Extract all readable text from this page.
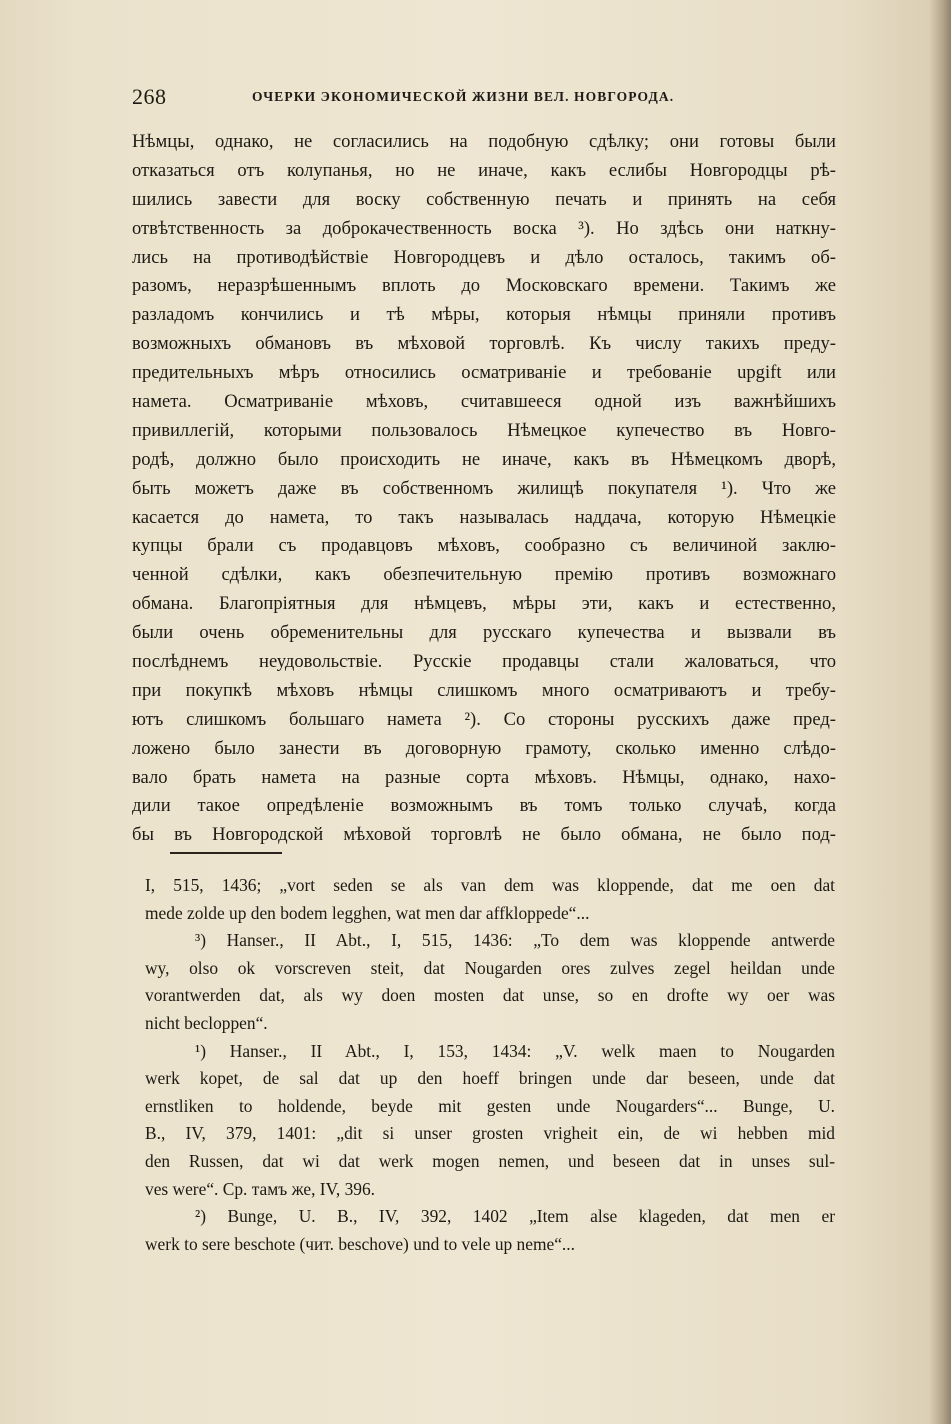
268	ОЧЕРКИ ЭКОНОМИЧЕСКОЙ ЖИЗНИ ВЕЛ. НОВГОРОДА.
Нѣмцы, однако, не согласились на подобную сдѣлку; они готовы были
отказаться отъ колупанья, но не иначе, какъ еслибы Новгородцы рѣ-
шились завести для воску собственную печать и принять на себя
отвѣтственность за доброкачественность воска ³). Но здѣсь они наткну-
лись на противодѣйствіе Новгородцевъ и дѣло осталось, такимъ об-
разомъ, неразрѣшеннымъ вплоть до Московскаго времени. Такимъ же
разладомъ кончились и тѣ мѣры, которыя нѣмцы приняли противъ
возможныхъ обмановъ въ мѣховой торговлѣ. Къ числу такихъ преду-
предительныхъ мѣръ относились осматриваніе и требованіе upgift или
намета. Осматриваніе мѣховъ, считавшееся одной изъ важнѣйшихъ
привиллегій, которыми пользовалось Нѣмецкое купечество въ Новго-
родѣ, должно было происходить не иначе, какъ въ Нѣмецкомъ дворѣ,
быть можетъ даже въ собственномъ жилищѣ покупателя ¹). Что же
касается до намета, то такъ называлась наддача, которую Нѣмецкіе
купцы брали съ продавцовъ мѣховъ, сообразно съ величиной заклю-
ченной сдѣлки, какъ обезпечительную премію противъ возможнаго
обмана. Благопріятныя для нѣмцевъ, мѣры эти, какъ и естественно,
были очень обременительны для русскаго купечества и вызвали въ
послѣднемъ неудовольствіе. Русскіе продавцы стали жаловаться, что
при покупкѣ мѣховъ нѣмцы слишкомъ много осматриваютъ и требу-
ютъ слишкомъ большаго намета ²). Со стороны русскихъ даже пред-
ложено было занести въ договорную грамоту, сколько именно слѣдо-
вало брать намета на разные сорта мѣховъ. Нѣмцы, однако, нахо-
дили такое опредѣленіе возможнымъ въ томъ только случаѣ, когда
бы въ Новгородской мѣховой торговлѣ не было обмана, не было под-
I, 515, 1436; „vort seden se als van dem was kloppende, dat me oen dat
mede zolde up den bodem legghen, wat men dar affkloppede“...
³) Hanser., II Abt., I, 515, 1436: „To dem was kloppende antwerde
wy, olso ok vorscreven steit, dat Nougarden ores zulves zegel heildan unde
vorantwerden dat, als wy doen mosten dat unse, so en drofte wy oer was
nicht becloppen“.
¹) Hanser., II Abt., I, 153, 1434: „V. welk maen to Nougarden
werk kopet, de sal dat up den hoeff bringen unde dar beseen, unde dat
ernstliken to holdende, beyde mit gesten unde Nougarders“... Bunge, U.
B., IV, 379, 1401: „dit si unser grosten vrigheit ein, de wi hebben mid
den Russen, dat wi dat werk mogen nemen, und beseen dat in unses sul-
ves were“. Ср. тамъ же, IV, 396.
²) Bunge, U. B., IV, 392, 1402 „Item alse klageden, dat men er
werk to sere beschote (чит. beschove) und to vele up neme“...
